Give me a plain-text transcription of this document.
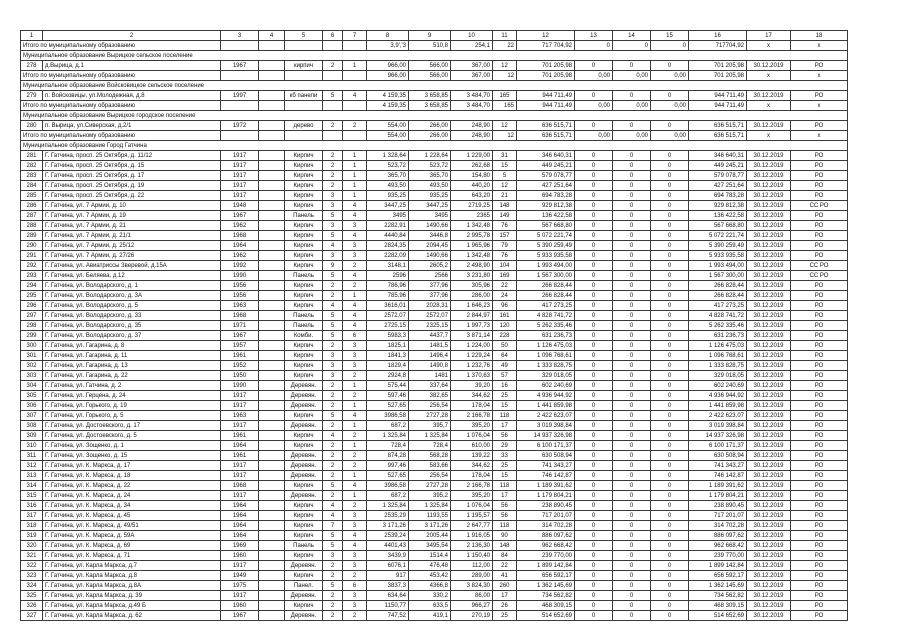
1	2	3	4	5	6	7	8	9	10	11	12	13	14	15	16	17	18
Итого по муниципальному образованию							3,9','3	510,8	254,1	22	717 704,92	0	0	0	717704,92	x	x
Муниципальное образование Вырицкое сельское поселение																	
278	д.Вырица, д.1	1967		кирпич	2	1	966,00	566,00	367,00	12	701 205,98	0	0	0	701 205,98	30.12.2019	РО
Итого по муниципальному образованию							966,00	566,00	367,00	12	701 205,98	0,00	0,00	0,00	701 205,98	x	x
Муниципальное образование Войсковицкое сельское поселение																	
279	п. Войсковицы, ул.Молодежная, д.8	1997		кб панели	5	4	4 159,35	3 658,85	3 484,70	165	944 711,49	0	0	0	944 711,49	30.12.2019	РО
Итого по муниципальному образованию							4 159,35	3 658,85	3 484,70	165	944 711,49	0,00	0,00	0,00	944 711,49	x	x
Муниципальное образование Вырицкое городское поселение																	
280	п. Вырица, ул.Сиверская, д.2/1	1972		дерево	2	2	554,00	266,00	248,90	12	636 515,71	0	0	0	636 515,71	30.12.2019	РО
Итого по муниципальному образованию							554,00	266,00	248,90	12	636 515,71	0,00	0,00	0,00	636 515,71	x	x
Муниципальное образование Город Гатчина																	
281	Г. Гатчина, просп. 25 Октября, д. 11/12	1917		Кирпич	2	1	1 328,64	1 228,64	1 229,00	31	346 640,31	0	0	0	346 640,31	30.12.2019	РО
282	Г. Гатчина, просп. 25 Октября, д. 15	1917		Кирпич	2	1	523,72	523,72	262,68	15	449 245,21	0	0	0	449 245,21	30.12.2019	РО
283	Г. Гатчина, просп. 25 Октября, д. 17	1917		Кирпич	2	1	365,70	365,70	154,80	5	579 078,77	0	0	0	579 078,77	30.12.2019	РО
284	Г. Гатчина, просп. 25 Октября, д. 19	1917		Кирпич	2	1	493,50	493,50	440,20	12	427 251,64	0	0	0	427 251,64	30.12.2019	РО
285	Г. Гатчина, просп. 25 Октября, д. 22	1917		Кирпич	3	1	935,25	935,25	643,20	21	694 783,28	0	0	0	694 783,28	30.12.2019	РО
286	Г. Гатчина, ул. 7 Армии, д. 10	1948		Кирпич	3	4	3447,25	3447,25	2719,25	148	929 812,38	0	0	0	929 812,38	30.12.2019	СС РО
287	Г. Гатчина, ул. 7 Армии, д. 19	1967		Панель	5	4	3495	3495	2365	149	136 422,58	0	0	0	136 422,58	30.12.2019	РО
288	Г. Гатчина, ул. 7 Армии, д. 21	1962		Кирпич	3	3	2282,91	1490,66	1 342,48	76	567 668,80	0	0	0	567 668,80	30.12.2019	РО
289	Г. Гатчина, ул. 7 Армии, д. 21/1	1968		Кирпич	5	4	4440,84	3446,8	2 995,78	157	5 072 221,74	0	0	0	5 072 221,74	30.12.2019	РО
290	Г. Гатчина, ул. 7 Армии, д. 25/12	1964		Кирпич	4	3	2824,35	2094,45	1 965,96	79	5 390 259,49	0	0	0	5 390 259,49	30.12.2019	РО
291	Г. Гатчина, ул. 7 Армии, д. 27/26	1962		Кирпич	3	3	2282,09	1490,66	1 342,48	76	5 933 935,58	0	0	0	5 933 935,58	30.12.2019	РО
292	Г. Гатчина, ул. Авиатриссы Зверевой, д.15А	1992		Кирпич	9	2	3148,1	2605,2	2 498,90	104	1 993 494,00	0	0	0	1 993 494,00	30.12.2019	СС РО
293	Г. Гатчина, ул. Беляева, д.12	1990		Панель	5	4	2596	2566	3 231,80	169	1 567 300,00	0	0	0	1 567 300,00	30.12.2019	СС РО
294	Г. Гатчина, ул. Володарского, д. 1	1956		Кирпич	2	2	786,96	377,96	305,96	22	266 828,44	0	0	0	266 828,44	30.12.2019	РО
295	Г. Гатчина, ул. Володарского, д. 3А	1956		Кирпич	2	1	785,96	377,96	286,00	24	266 828,44	0	0	0	266 828,44	30.12.2019	РО
296	Г. Гатчина, ул. Володарского, д. 5	1963		Кирпич	4	4	3616,01	2028,31	1 646,23	96	417 273,25	0	0	0	417 273,25	30.12.2019	РО
297	Г. Гатчина, ул. Володарского, д. 33	1968		Панель	5	4	2572,07	2572,07	2 844,97	161	4 828 741,72	0	0	0	4 828 741,72	30.12.2019	РО
298	Г. Гатчина, ул. Володарского, д. 35	1971		Панель	5	4	2725,15	2325,15	1 997,73	120	5 262 335,46	0	0	0	5 262 335,46	30.12.2019	РО
299	Г. Гатчина, ул. Володарского, д. 37	1967		Комби.	5	6	5983,3	4437,7	3 871,14	228	631 236,73	0	0	0	631 236,73	30.12.2019	РО
300	Г. Гатчина, ул. Гагарина, д. 8	1957		Кирпич	2	3	1825,1	1481,5	1 224,00	50	1 126 475,03	0	0	0	1 126 475,03	30.12.2019	РО
301	Г. Гатчина, ул. Гагарина, д. 11	1961		Кирпич	3	3	1841,3	1496,4	1 229,24	64	1 096 768,61	0	0	0	1 096 768,61	30.12.2019	РО
302	Г. Гатчина, ул. Гагарина, д. 13	1952		Кирпич	3	3	1829,4	1490,8	1 232,76	49	1 333 828,75	0	0	0	1 333 828,75	30.12.2019	РО
303	Г. Гатчина, ул. Гагарина, д. 22	1950		Кирпич	3	2	2924,8	1481	1 370,63	57	329 018,05	0	0	0	329 018,05	30.12.2019	РО
304	Г. Гатчина, ул. Гатчина, д. 2	1990		Деревян.	2	1	575,44	337,64	39,20	16	602 240,69	0	0	0	602 240,69	30.12.2019	РО
305	Г. Гатчина, ул. Герцена, д. 24	1917		Деревян.	2	2	597,46	382,65	344,62	25	4 936 944,92	0	0	0	4 936 944,92	30.12.2019	РО
306	Г. Гатчина, ул. Горького, д. 19	1917		Деревян.	2	1	527,65	256,54	178,04	15	1 441 859,98	0	0	0	1 441 859,98	30.12.2019	РО
307	Г. Гатчина, ул. Горького, д. 5	1963		Кирпич	5	4	3986,58	2727,28	2 166,78	118	2 422 623,07	0	0	0	2 422 623,07	30.12.2019	РО
308	Г. Гатчина, ул. Достоевского, д. 17	1917		Деревян.	2	1	687,2	395,7	395,20	17	3 019 398,84	0	0	0	3 019 398,84	30.12.2019	РО
309	Г. Гатчина, ул. Достоевского, д. 5	1961		Кирпич	4	2	1 325,84	1 325,84	1 076,04	56	14 937 326,98	0	0	0	14 937 326,98	30.12.2019	РО
310	Г. Гатчина, ул. Зощенко, д. 1	1964		Кирпич	2	1	728,4	728,4	610,00	29	6 100 171,37	0	0	0	6 100 171,37	30.12.2019	РО
311	Г. Гатчина, ул. Зощенко, д. 15	1961		Деревян.	2	2	874,28	568,28	139,22	33	630 508,94	0	0	0	630 508,94	30.12.2019	РО
312	Г. Гатчина, ул. К. Маркса, д. 17	1917		Деревян.	2	2	997,46	583,66	344,62	25	741 343,27	0	0	0	741 343,27	30.12.2019	РО
313	Г. Гатчина, ул. К. Маркса, д. 18	1917		Деревян.	2	1	527,65	256,54	178,04	15	746 142,87	0	0	0	746 142,87	30.12.2019	РО
314	Г. Гатчина, ул. К. Маркса, д. 22	1968		Кирпич	5	4	3986,58	2727,28	2 166,78	118	1 189 391,62	0	0	0	1 189 391,62	30.12.2019	РО
315	Г. Гатчина, ул. К. Маркса, д. 24	1917		Деревян.	2	1	687,2	395,2	395,20	17	1 179 804,21	0	0	0	1 179 804,21	30.12.2019	РО
316	Г. Гатчина, ул. К. Маркса, д. 34	1964		Кирпич	4	2	1 325,84	1 325,84	1 076,04	56	238 890,45	0	0	0	238 890,45	30.12.2019	РО
317	Г. Гатчина, ул. К. Маркса, д. 45	1964		Кирпич	4	3	2535,29	1193,55	1 195,57	56	717 201,07	0	0	0	717 201,07	30.12.2019	РО
318	Г. Гатчина, ул. К. Маркса, д. 49/51	1964		Кирпич	7	3	3 171,26	3 171,26	2 647,77	118	314 702,28	0	0	0	314 702,28	30.12.2019	РО
319	Г. Гатчина, ул. К. Маркса, д. 59А	1964		Кирпич	5	4	2539,24	2005,44	1 916,05	90	886 097,62	0	0	0	886 097,62	30.12.2019	РО
320	Г. Гатчина, ул. К. Маркса, д. 69	1969		Панель	5	4	4401,43	3495,54	2 136,30	148	962 668,42	0	0	0	962 668,42	30.12.2019	РО
321	Г. Гатчина, ул. К. Маркса, д. 71	1960		Кирпич	3	3	3439,9	1514,4	1 150,40	84	239 770,00	0	0	0	239 770,00	30.12.2019	РО
322	Г. Гатчина, ул. Карла Маркса, д.7	1917		Деревян.	2	3	6076,1	476,48	112,00	22	1 899 142,84	0	0	0	1 899 142,84	30.12.2019	РО
323	Г. Гатчина, ул. Карла Маркса, д.8	1949		Кирпич	2	2	917	453,42	289,00	41	656 592,17	0	0	0	656 592,17	30.12.2019	РО
324	Г. Гатчина, ул. Карла Маркса, д.8А	1975		Панел.	5	6	3837,3	4366,8	3 824,30	260	1 362 145,69	0	0	0	1 362 145,69	30.12.2019	РО
325	Г. Гатчина, ул. Карла Маркса, д. 39	1917		Деревян.	2	3	634,64	330,2	86,00	17	734 562,82	0	0	0	734 562,82	30.12.2019	РО
326	Г. Гатчина, ул. Карла Маркса, д.49 Б	1960		Кирпич	2	3	1150,77	633,5	966,27	26	468 309,15	0	0	0	468 309,15	30.12.2019	РО
327	Г. Гатчина, ул. Карла Маркса, д. 62	1967		Деревян.	2	2	747,52	419,1	270,19	25	514 652,69	0	0	0	514 652,69	30.12.2019	РО
